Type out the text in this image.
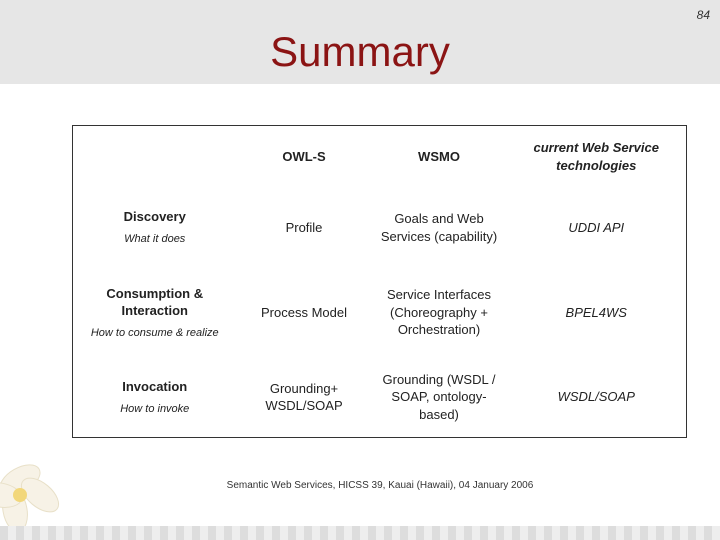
84
Summary
	OWL-S	WSMO	current Web Service technologies

Discovery
What it does	Profile	Goals and Web Services (capability)	UDDI API

Consumption & Interaction
How to consume & realize	Process Model	Service Interfaces (Choreography + Orchestration)	BPEL4WS

Invocation
How to invoke	Grounding+ WSDL/SOAP	Grounding (WSDL / SOAP, ontology-based)	WSDL/SOAP
Semantic Web Services, HICSS 39, Kauai (Hawaii), 04 January 2006
